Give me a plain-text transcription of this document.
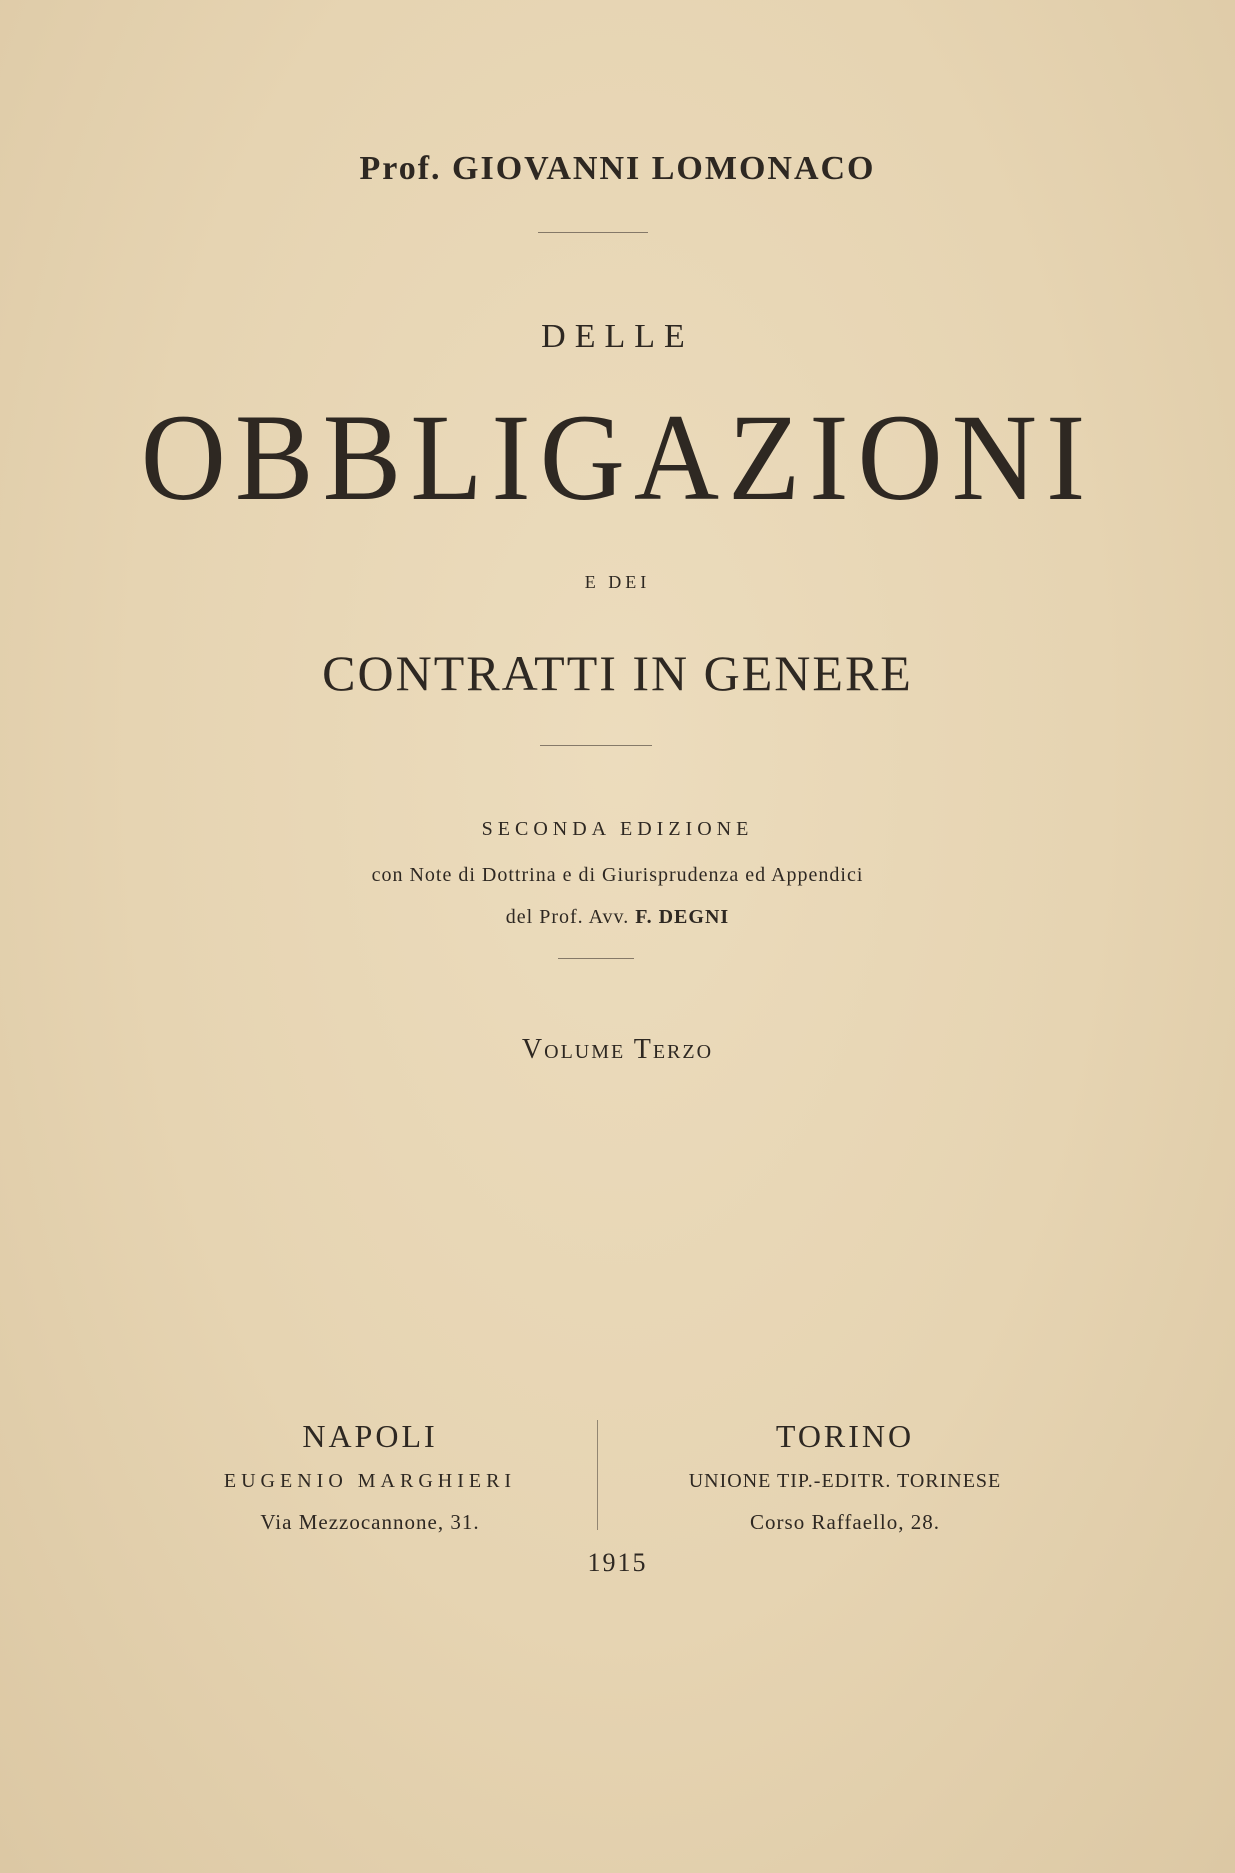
Prof. GIOVANNI LOMONACO
DELLE
OBBLIGAZIONI
E DEI
CONTRATTI IN GENERE
SECONDA EDIZIONE
con Note di Dottrina e di Giurisprudenza ed Appendici
del Prof. Avv. F. DEGNI
Volume Terzo
NAPOLI
EUGENIO MARGHIERI
Via Mezzocannone, 31.
TORINO
UNIONE TIP.-EDITR. TORINESE
Corso Raffaello, 28.
1915
